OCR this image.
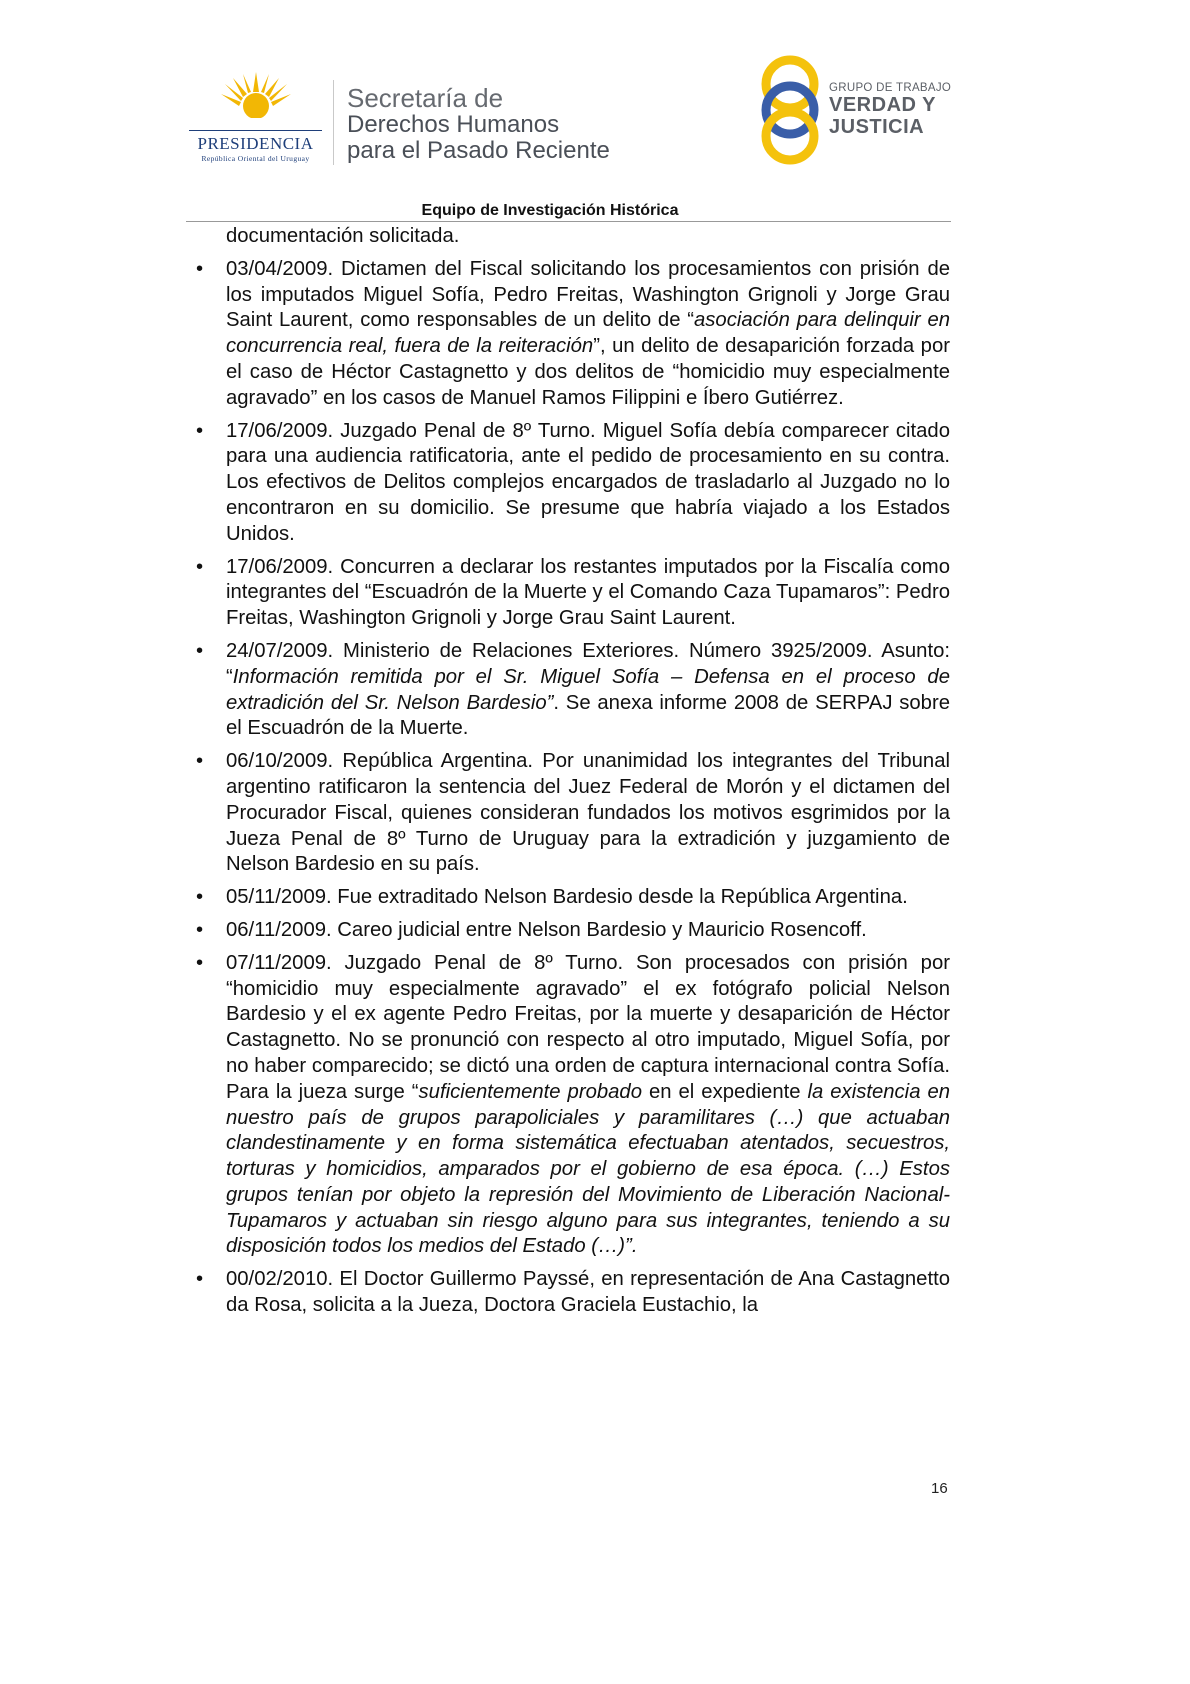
PRESIDENCIA
República Oriental del Uruguay
Secretaría de
Derechos Humanos
para el Pasado Reciente
GRUPO DE TRABAJO
VERDAD Y
JUSTICIA
Equipo de Investigación Histórica

documentación solicitada.

• 03/04/2009. Dictamen del Fiscal solicitando los procesamientos con prisión de los imputados Miguel Sofía, Pedro Freitas, Washington Grignoli y Jorge Grau Saint Laurent, como responsables de un delito de “asociación para delinquir en concurrencia real, fuera de la reiteración”, un delito de desaparición forzada por el caso de Héctor Castagnetto y dos delitos de “homicidio muy especialmente agravado” en los casos de Manuel Ramos Filippini e Íbero Gutiérrez.
• 17/06/2009. Juzgado Penal de 8º Turno. Miguel Sofía debía comparecer citado para una audiencia ratificatoria, ante el pedido de procesamiento en su contra. Los efectivos de Delitos complejos encargados de trasladarlo al Juzgado no lo encontraron en su domicilio. Se presume que habría viajado a los Estados Unidos.
• 17/06/2009. Concurren a declarar los restantes imputados por la Fiscalía como integrantes del “Escuadrón de la Muerte y el Comando Caza Tupamaros”: Pedro Freitas, Washington Grignoli y Jorge Grau Saint Laurent.
• 24/07/2009. Ministerio de Relaciones Exteriores. Número 3925/2009. Asunto: “Información remitida por el Sr. Miguel Sofía – Defensa en el proceso de extradición del Sr. Nelson Bardesio”. Se anexa informe 2008 de SERPAJ sobre el Escuadrón de la Muerte.
• 06/10/2009. República Argentina. Por unanimidad los integrantes del Tribunal argentino ratificaron la sentencia del Juez Federal de Morón y el dictamen del Procurador Fiscal, quienes consideran fundados los motivos esgrimidos por la Jueza Penal de 8º Turno de Uruguay para la extradición y juzgamiento de Nelson Bardesio en su país.
• 05/11/2009. Fue extraditado Nelson Bardesio desde la República Argentina.
• 06/11/2009. Careo judicial entre Nelson Bardesio y Mauricio Rosencoff.
• 07/11/2009. Juzgado Penal de 8º Turno. Son procesados con prisión por “homicidio muy especialmente agravado” el ex fotógrafo policial Nelson Bardesio y el ex agente Pedro Freitas, por la muerte y desaparición de Héctor Castagnetto. No se pronunció con respecto al otro imputado, Miguel Sofía, por no haber comparecido; se dictó una orden de captura internacional contra Sofía. Para la jueza surge “suficientemente probado en el expediente la existencia en nuestro país de grupos parapoliciales y paramilitares (…) que actuaban clandestinamente y en forma sistemática efectuaban atentados, secuestros, torturas y homicidios, amparados por el gobierno de esa época. (…) Estos grupos tenían por objeto la represión del Movimiento de Liberación Nacional-Tupamaros y actuaban sin riesgo alguno para sus integrantes, teniendo a su disposición todos los medios del Estado (…)”.
• 00/02/2010. El Doctor Guillermo Payssé, en representación de Ana Castagnetto da Rosa, solicita a la Jueza, Doctora Graciela Eustachio, la
16
